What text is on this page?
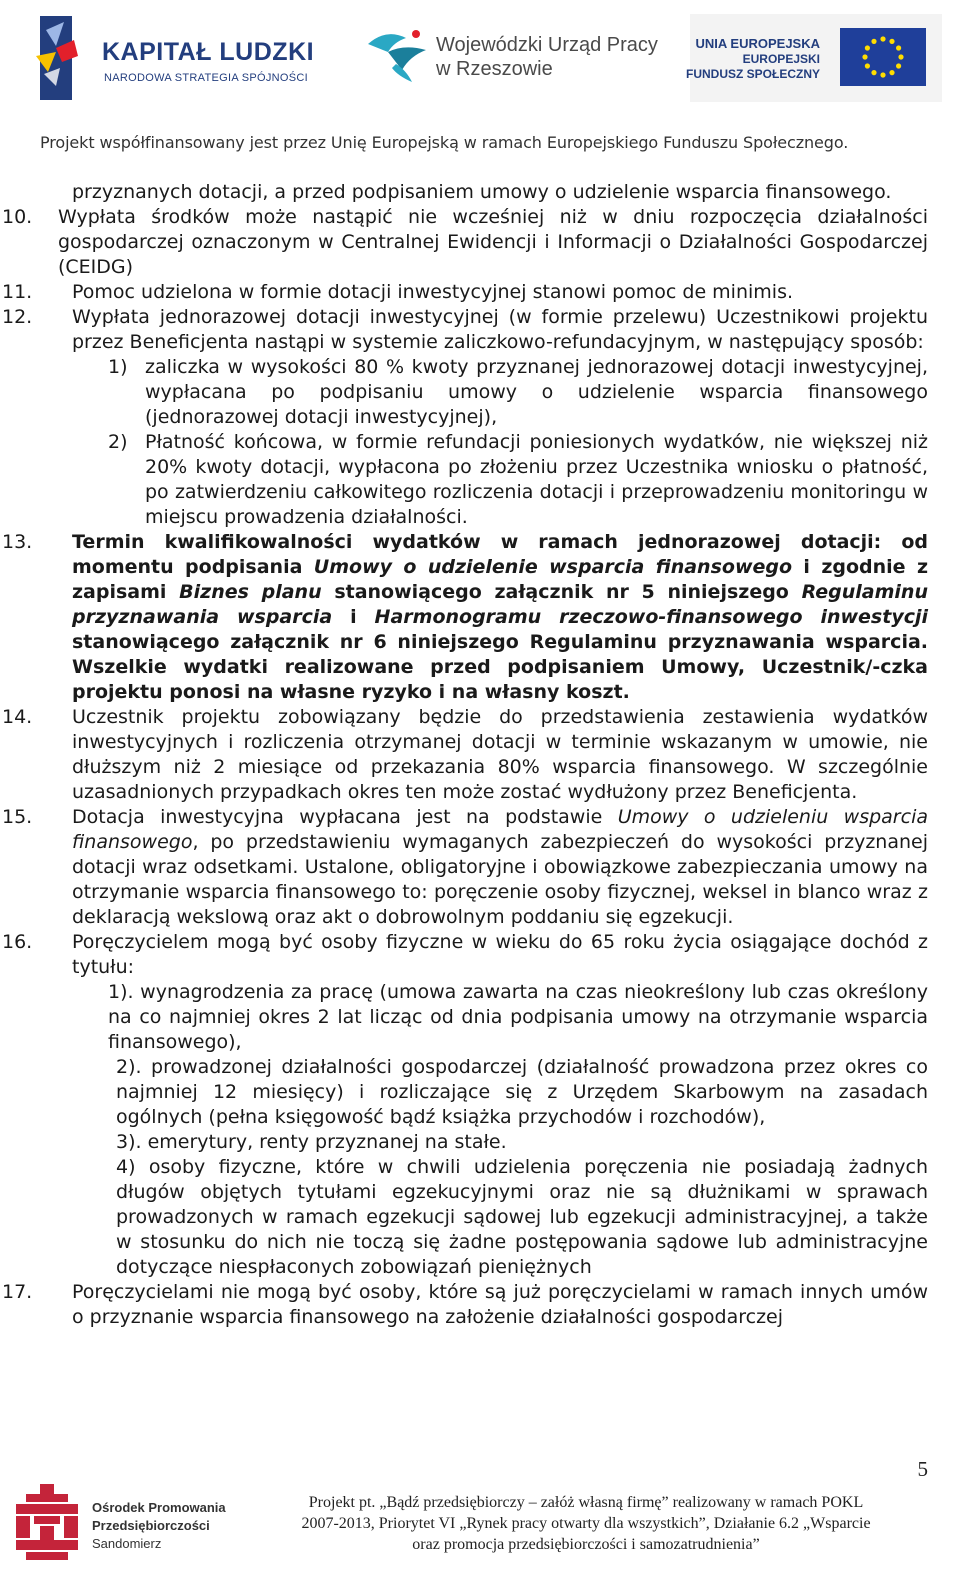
KAPITAŁ LUDZKI
NARODOWA STRATEGIA SPÓJNOŚCI
Wojewódzki Urząd Pracy
w Rzeszowie
UNIA EUROPEJSKA
EUROPEJSKI
FUNDUSZ SPOŁECZNY
Projekt współfinansowany jest przez Unię Europejską w ramach Europejskiego Funduszu Społecznego.
przyznanych dotacji, a przed podpisaniem umowy o udzielenie wsparcia finansowego.
10.	Wypłata środków może nastąpić nie wcześniej niż w dniu rozpoczęcia działalności gospodarczej oznaczonym w Centralnej Ewidencji i Informacji o Działalności Gospodarczej (CEIDG)
11.	Pomoc udzielona w formie dotacji inwestycyjnej stanowi pomoc de minimis.
12.	Wypłata jednorazowej dotacji inwestycyjnej (w formie przelewu) Uczestnikowi projektu przez Beneficjenta nastąpi w systemie zaliczkowo-refundacyjnym, w następujący sposób:
1) zaliczka w wysokości 80 % kwoty przyznanej jednorazowej dotacji inwestycyjnej, wypłacana po podpisaniu umowy o udzielenie wsparcia finansowego (jednorazowej dotacji inwestycyjnej),
2) Płatność końcowa, w formie refundacji poniesionych wydatków, nie większej niż 20% kwoty dotacji, wypłacona po złożeniu przez Uczestnika wniosku o płatność, po zatwierdzeniu całkowitego rozliczenia dotacji i przeprowadzeniu monitoringu w miejscu prowadzenia działalności.
13.	Termin kwalifikowalności wydatków w ramach jednorazowej dotacji: od momentu podpisania Umowy o udzielenie wsparcia finansowego i zgodnie z zapisami Biznes planu stanowiącego załącznik nr 5 niniejszego Regulaminu przyznawania wsparcia i Harmonogramu rzeczowo-finansowego inwestycji stanowiącego załącznik nr 6 niniejszego Regulaminu przyznawania wsparcia. Wszelkie wydatki realizowane przed podpisaniem Umowy, Uczestnik/-czka projektu ponosi na własne ryzyko i na własny koszt.
14.	Uczestnik projektu zobowiązany będzie do przedstawienia zestawienia wydatków inwestycyjnych i rozliczenia otrzymanej dotacji w terminie wskazanym w umowie, nie dłuższym niż 2 miesiące od przekazania 80% wsparcia finansowego. W szczególnie uzasadnionych przypadkach okres ten może zostać wydłużony przez Beneficjenta.
15.	Dotacja inwestycyjna wypłacana jest na podstawie Umowy o udzieleniu wsparcia finansowego, po przedstawieniu wymaganych zabezpieczeń do wysokości przyznanej dotacji wraz odsetkami. Ustalone, obligatoryjne i obowiązkowe zabezpieczania umowy na otrzymanie wsparcia finansowego to: poręczenie osoby fizycznej, weksel in blanco wraz z deklaracją wekslową oraz akt o dobrowolnym poddaniu się egzekucji.
16.	Poręczycielem mogą być osoby fizyczne w wieku do 65 roku życia osiągające dochód z tytułu:
1). wynagrodzenia za pracę (umowa zawarta na czas nieokreślony lub czas określony na co najmniej okres 2 lat licząc od dnia podpisania umowy na otrzymanie wsparcia finansowego),
2). prowadzonej działalności gospodarczej (działalność prowadzona przez okres co najmniej 12 miesięcy) i rozliczające się z Urzędem Skarbowym na zasadach ogólnych (pełna księgowość bądź książka przychodów i rozchodów),
3). emerytury, renty przyznanej na stałe.
4) osoby fizyczne, które w chwili udzielenia poręczenia nie posiadają żadnych długów objętych tytułami egzekucyjnymi oraz nie są dłużnikami w sprawach prowadzonych w ramach egzekucji sądowej lub egzekucji administracyjnej, a także w stosunku do nich nie toczą się żadne postępowania sądowe lub administracyjne dotyczące niespłaconych zobowiązań pieniężnych
17.	Poręczycielami nie mogą być osoby, które są już poręczycielami w ramach innych umów o przyznanie wsparcia finansowego na założenie działalności gospodarczej
5
Ośrodek Promowania
Przedsiębiorczości
Sandomierz
Projekt pt. „Bądź przedsiębiorczy – załóż własną firmę” realizowany w ramach POKL
2007-2013, Priorytet VI „Rynek pracy otwarty dla wszystkich”, Działanie 6.2 „Wsparcie
oraz promocja przedsiębiorczości i samozatrudnienia”
